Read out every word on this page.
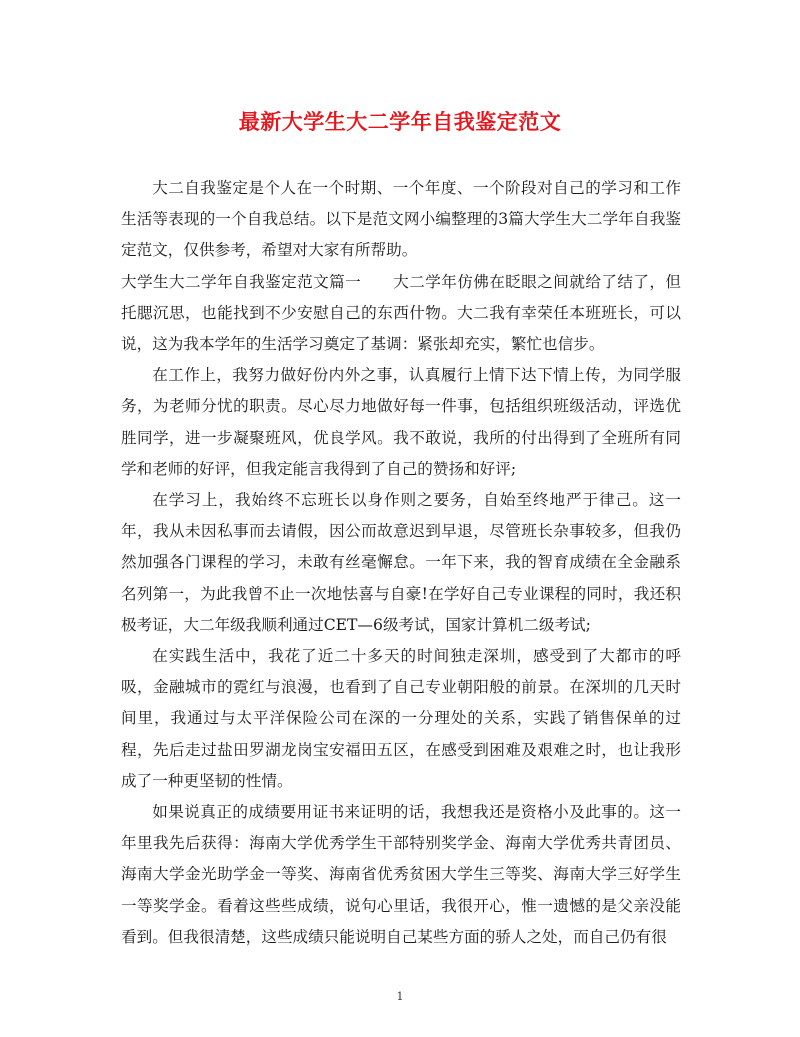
最新大学生大二学年自我鉴定范文

大二自我鉴定是个人在一个时期、一个年度、一个阶段对自己的学习和工作生活等表现的一个自我总结。以下是范文网小编整理的3篇大学生大二学年自我鉴定范文，仅供参考，希望对大家有所帮助。

大学生大二学年自我鉴定范文篇一　　大二学年仿佛在眨眼之间就给了结了，但托腮沉思，也能找到不少安慰自己的东西什物。大二我有幸荣任本班班长，可以说，这为我本学年的生活学习奠定了基调：紧张却充实，繁忙也信步。

在工作上，我努力做好份内外之事，认真履行上情下达下情上传，为同学服务，为老师分忧的职责。尽心尽力地做好每一件事，包括组织班级活动，评选优胜同学，进一步凝聚班风，优良学风。我不敢说，我所的付出得到了全班所有同学和老师的好评，但我定能言我得到了自己的赞扬和好评;

在学习上，我始终不忘班长以身作则之要务，自始至终地严于律己。这一年，我从未因私事而去请假，因公而故意迟到早退，尽管班长杂事较多，但我仍然加强各门课程的学习，未敢有丝毫懈怠。一年下来，我的智育成绩在全金融系名列第一，为此我曾不止一次地怯喜与自豪!在学好自己专业课程的同时，我还积极考证，大二年级我顺利通过CET—6级考试，国家计算机二级考试;

在实践生活中，我花了近二十多天的时间独走深圳，感受到了大都市的呼吸，金融城市的霓红与浪漫，也看到了自己专业朝阳般的前景。在深圳的几天时间里，我通过与太平洋保险公司在深的一分理处的关系，实践了销售保单的过程，先后走过盐田罗湖龙岗宝安福田五区，在感受到困难及艰难之时，也让我形成了一种更坚韧的性情。

如果说真正的成绩要用证书来证明的话，我想我还是资格小及此事的。这一年里我先后获得：海南大学优秀学生干部特别奖学金、海南大学优秀共青团员、海南大学金光助学金一等奖、海南省优秀贫困大学生三等奖、海南大学三好学生一等奖学金。看着这些些成绩，说句心里话，我很开心，惟一遗憾的是父亲没能看到。但我很清楚，这些成绩只能说明自己某些方面的骄人之处，而自己仍有很

1
